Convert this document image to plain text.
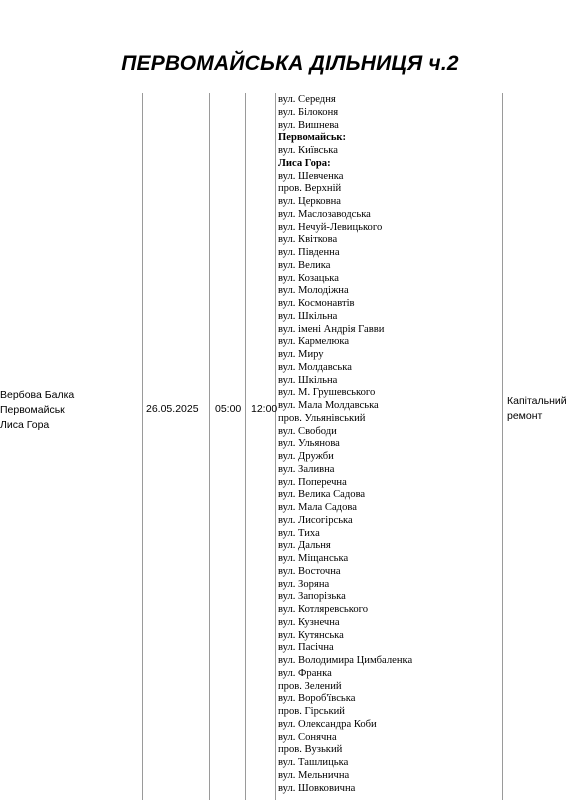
ПЕРВОМАЙСЬКА ДІЛЬНИЦЯ ч.2
Вербова Балка
Первомайськ
Лиса Гора
26.05.2025 05:00 12:00
вул. Середня
вул. Білоконя
вул. Вишнева
Первомайськ:
вул. Київська
Лиса Гора:
вул. Шевченка
пров. Верхній
вул. Церковна
вул. Маслозаводська
вул. Нечуй-Левицького
вул. Квіткова
вул. Південна
вул. Велика
вул. Козацька
вул. Молодіжна
вул. Космонавтів
вул. Шкільна
вул. імені Андрія Гавви
вул. Кармелюка
вул. Миру
вул. Молдавська
вул. Шкільна
вул. М. Грушевського
вул. Мала Молдавська
пров. Ульянівський
вул. Свободи
вул. Ульянова
вул. Дружби
вул. Заливна
вул. Поперечна
вул. Велика Садова
вул. Мала Садова
вул. Лисогірська
вул. Тиха
вул. Дальня
вул. Міщанська
вул. Восточна
вул. Зоряна
вул. Запорізька
вул. Котляревського
вул. Кузнечна
вул. Кутянська
вул. Пасічна
вул. Володимира Цимбаленка
вул. Франка
пров. Зелений
вул. Вороб'ївська
пров. Гірський
вул. Олександра Коби
вул. Сонячна
пров. Вузький
вул. Ташлицька
вул. Мельнична
вул. Шовковична
Капітальний
ремонт
